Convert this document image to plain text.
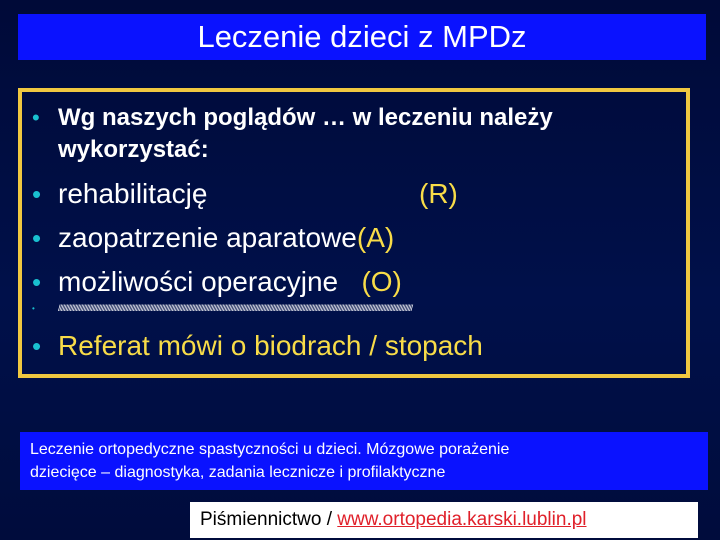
Leczenie dzieci z MPDz
• Wg naszych poglądów … w leczeniu należy wykorzystać:
• rehabilitację	(R)
• zaopatrzenie aparatowe (A)
• możliwości operacyjne (O)
•	////////////////////////////////////////////////////////////////////////////////////////////////////////////////////////////////////////////////////////////////////////////////////////////////////////////////////////////////////////////
• Referat mówi o biodrach / stopach
Leczenie ortopedyczne spastyczności u dzieci. Mózgowe porażenie
dziecięce – diagnostyka, zadania lecznicze i profilaktyczne
Piśmiennictwo / www.ortopedia.karski.lublin.pl
